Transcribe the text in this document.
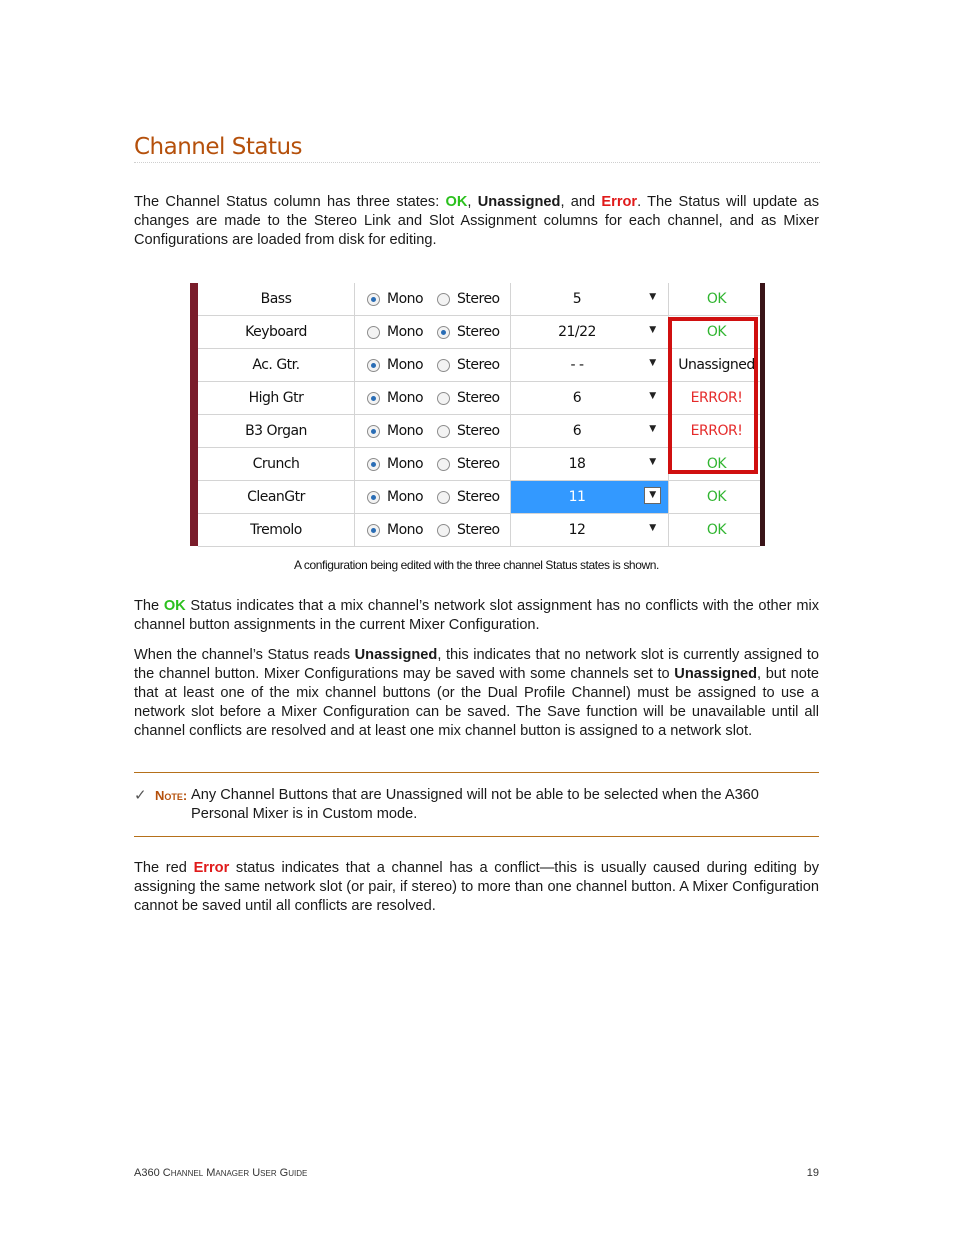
Channel Status

The Channel Status column has three states: OK, Unassigned, and Error. The Status will update as changes are made to the Stereo Link and Slot Assignment columns for each channel, and as Mixer Configurations are loaded from disk for editing.

Bass	Mono Stereo	5	▼	OK
Keyboard	Mono Stereo	21/22	▼	OK
Ac. Gtr.	Mono Stereo	- -	▼	Unassigned
High Gtr	Mono Stereo	6	▼	ERROR!
B3 Organ	Mono Stereo	6	▼	ERROR!
Crunch	Mono Stereo	18	▼	OK
CleanGtr	Mono Stereo	11	▼	OK
Tremolo	Mono Stereo	12	▼	OK
A configuration being edited with the three channel Status states is shown.

The OK Status indicates that a mix channel’s network slot assignment has no conflicts with the other mix channel button assignments in the current Mixer Configuration.

When the channel’s Status reads Unassigned, this indicates that no network slot is currently assigned to the channel button. Mixer Configurations may be saved with some channels set to Unassigned, but note that at least one of the mix channel buttons (or the Dual Profile Channel) must be assigned to use a network slot before a Mixer Configuration can be saved. The Save function will be unavailable until all channel conflicts are resolved and at least one mix channel button is assigned to a network slot.

✓ Note: Any Channel Buttons that are Unassigned will not be able to be selected when the A360 Personal Mixer is in Custom mode.

The red Error status indicates that a channel has a conflict—this is usually caused during editing by assigning the same network slot (or pair, if stereo) to more than one channel button. A Mixer Configuration cannot be saved until all conflicts are resolved.

A360 Channel Manager User Guide	19
